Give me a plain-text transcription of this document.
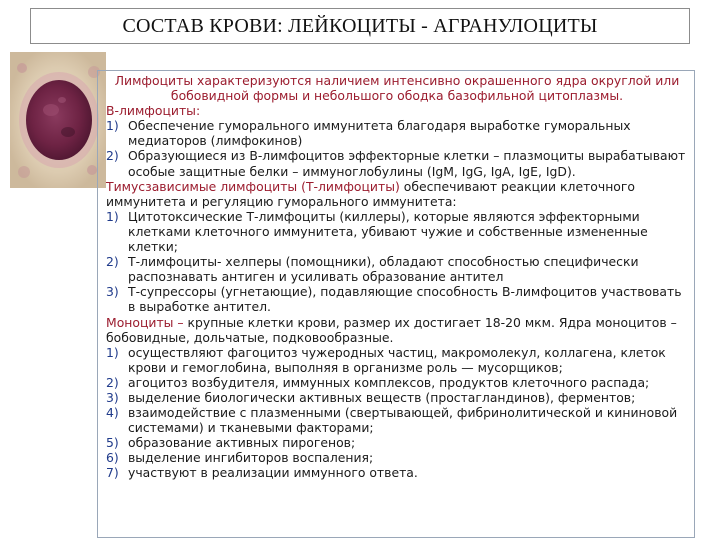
СОСТАВ КРОВИ: ЛЕЙКОЦИТЫ - АГРАНУЛОЦИТЫ

Лимфоциты характеризуются наличием интенсивно окрашенного ядра округлой или бобовидной формы и небольшого ободка базофильной цитоплазмы.

В-лимфоциты:

1) Обеспечение гуморального иммунитета благодаря выработке гуморальных медиаторов (лимфокинов)
2) Образующиеся из В-лимфоцитов эффекторные клетки – плазмоциты вырабатывают особые защитные белки – иммуноглобулины (IgM, IgG, IgA, IgE, IgD).

Тимусзависимые лимфоциты (Т-лимфоциты) обеспечивают реакции клеточного иммунитета и регуляцию гуморального иммунитета:

1) Цитотоксические Т-лимфоциты (киллеры), которые являются эффекторными клетками клеточного иммунитета, убивают чужие и собственные измененные клетки;
2) Т-лимфоциты- хелперы (помощники), обладают способностью специфически распознавать антиген и усиливать образование антител
3) Т-супрессоры (угнетающие), подавляющие способность В-лимфоцитов участвовать в выработке антител.

Моноциты – крупные клетки крови, размер их достигает 18-20 мкм. Ядра моноцитов – бобовидные, дольчатые, подковообразные.

1) осуществляют фагоцитоз чужеродных частиц, макромолекул, коллагена, клеток крови и гемоглобина, выполняя в организме роль — мусорщиков;
2) агоцитоз возбудителя, иммунных комплексов, продуктов клеточного распада;
3) выделение биологически активных веществ (простагландинов), ферментов;
4) взаимодействие с плазменными (свертывающей, фибринолитической и кининовой системами) и тканевыми факторами;
5) образование активных пирогенов;
6) выделение ингибиторов воспаления;
7) участвуют в реализации иммунного ответа.
